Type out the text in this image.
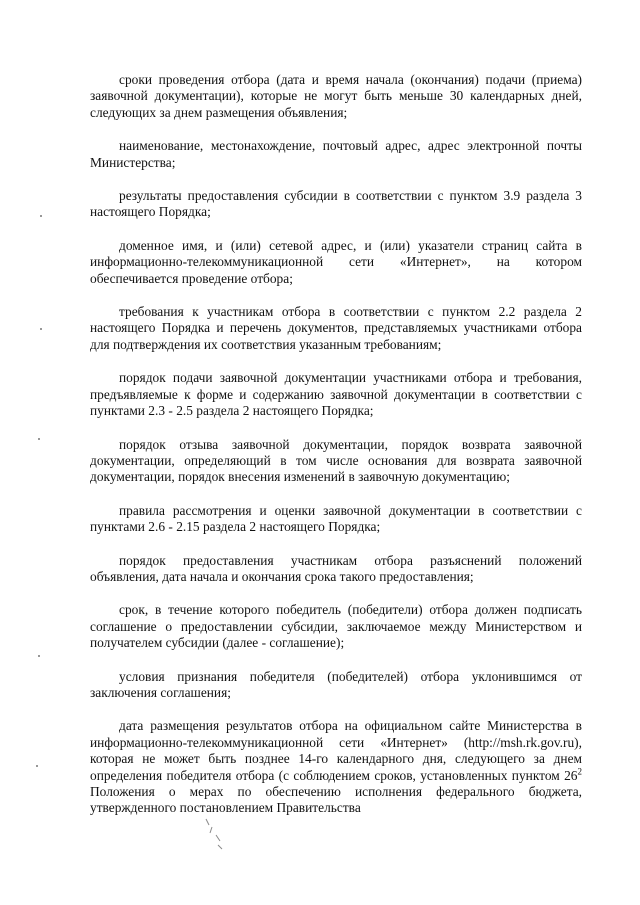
сроки проведения отбора (дата и время начала (окончания) подачи (приема) заявочной документации), которые не могут быть меньше 30 календарных дней, следующих за днем размещения объявления;

наименование, местонахождение, почтовый адрес, адрес электронной почты Министерства;

результаты предоставления субсидии в соответствии с пунктом 3.9 раздела 3 настоящего Порядка;

доменное имя, и (или) сетевой адрес, и (или) указатели страниц сайта в информационно-телекоммуникационной сети «Интернет», на котором обеспечивается проведение отбора;

требования к участникам отбора в соответствии с пунктом 2.2 раздела 2 настоящего Порядка и перечень документов, представляемых участниками отбора для подтверждения их соответствия указанным требованиям;

порядок подачи заявочной документации участниками отбора и требования, предъявляемые к форме и содержанию заявочной документации в соответствии с пунктами 2.3 - 2.5 раздела 2 настоящего Порядка;

порядок отзыва заявочной документации, порядок возврата заявочной документации, определяющий в том числе основания для возврата заявочной документации, порядок внесения изменений в заявочную документацию;

правила рассмотрения и оценки заявочной документации в соответствии с пунктами 2.6 - 2.15 раздела 2 настоящего Порядка;

порядок предоставления участникам отбора разъяснений положений объявления, дата начала и окончания срока такого предоставления;

срок, в течение которого победитель (победители) отбора должен подписать соглашение о предоставлении субсидии, заключаемое между Министерством и получателем субсидии (далее - соглашение);

условия признания победителя (победителей) отбора уклонившимся от заключения соглашения;

дата размещения результатов отбора на официальном сайте Министерства в информационно-телекоммуникационной сети «Интернет» (http://msh.rk.gov.ru), которая не может быть позднее 14-го календарного дня, следующего за днем определения победителя отбора (с соблюдением сроков, установленных пунктом $26^2$ Положения о мерах по обеспечению исполнения федерального бюджета, утвержденного постановлением Правительства
